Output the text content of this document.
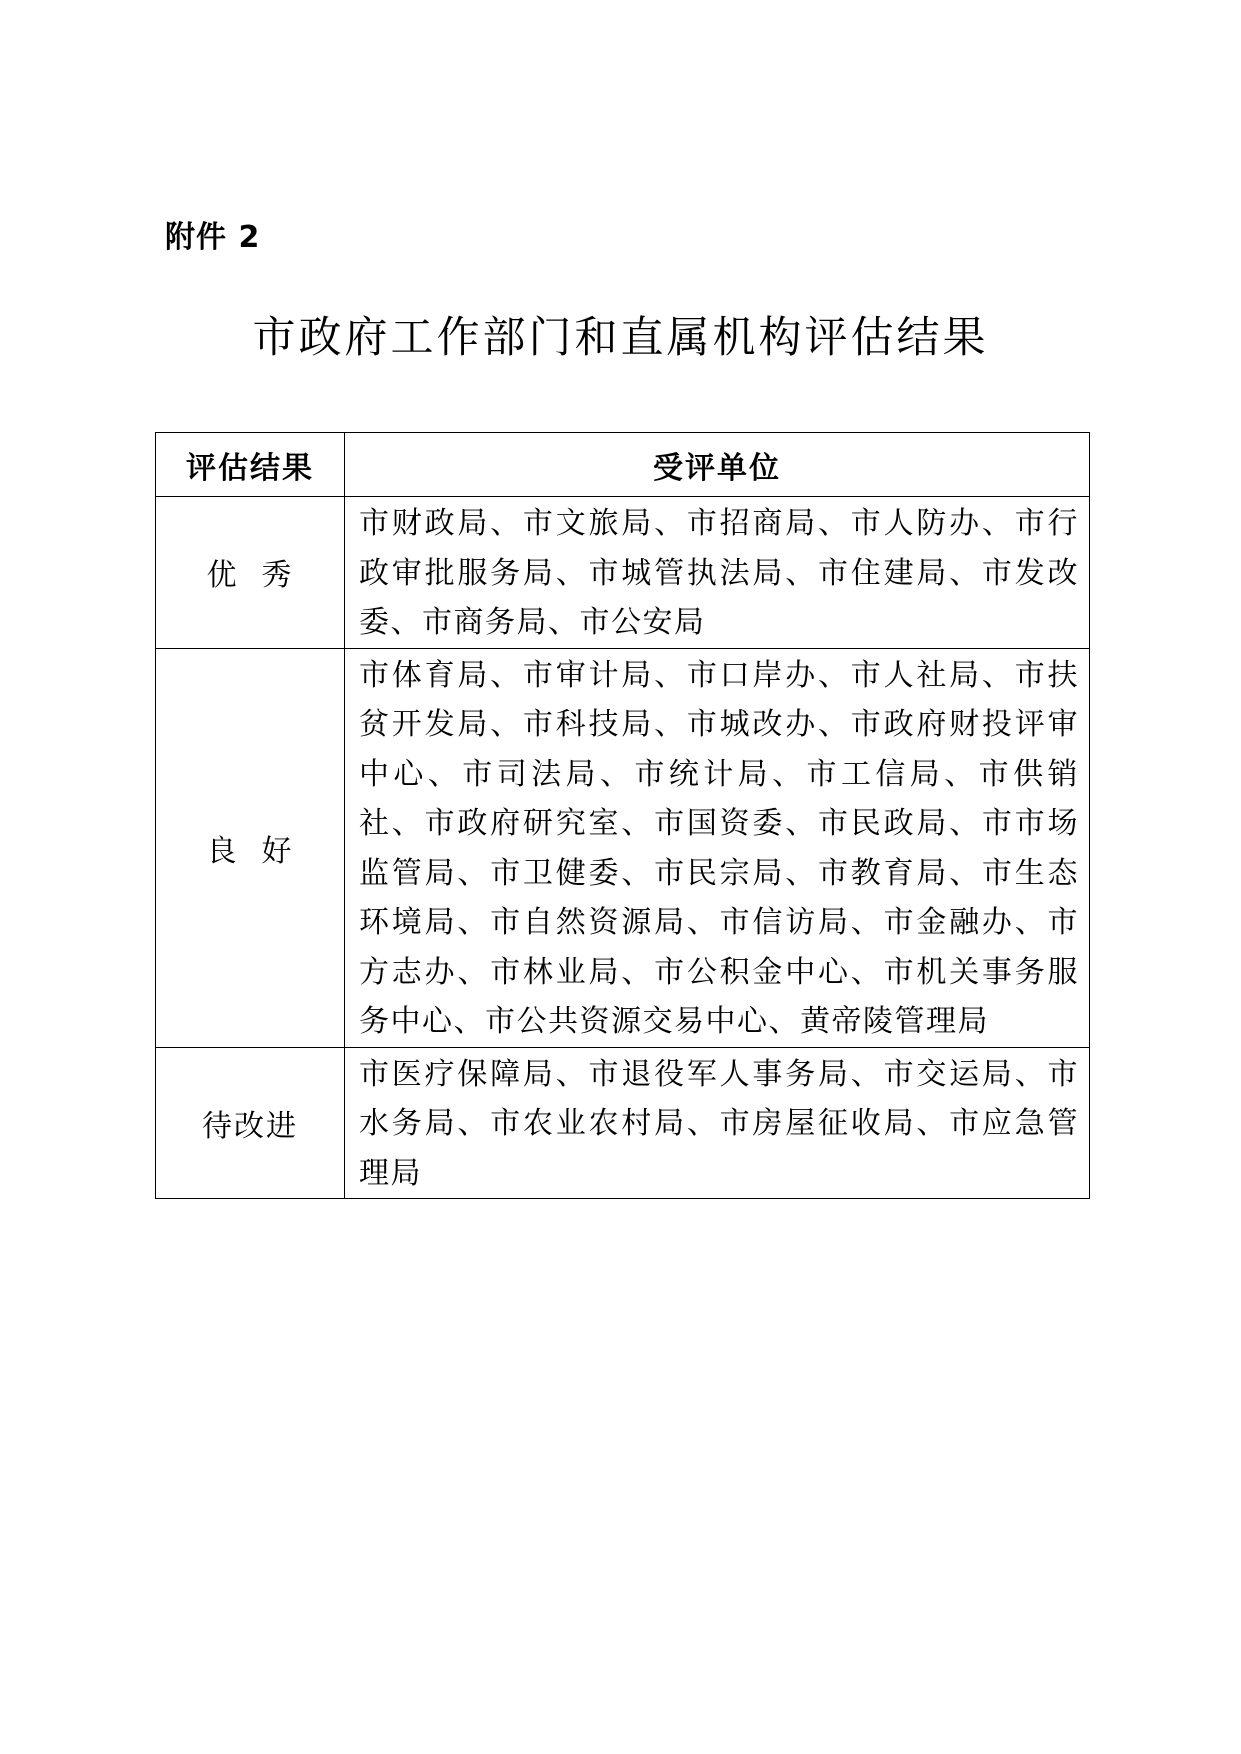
附件 2
市政府工作部门和直属机构评估结果
评估结果	受评单位
优  秀	市财政局、市文旅局、市招商局、市人防办、市行政审批服务局、市城管执法局、市住建局、市发改委、市商务局、市公安局
良  好	市体育局、市审计局、市口岸办、市人社局、市扶贫开发局、市科技局、市城改办、市政府财投评审中心、市司法局、市统计局、市工信局、市供销社、市政府研究室、市国资委、市民政局、市市场监管局、市卫健委、市民宗局、市教育局、市生态环境局、市自然资源局、市信访局、市金融办、市方志办、市林业局、市公积金中心、市机关事务服务中心、市公共资源交易中心、黄帝陵管理局
待改进	市医疗保障局、市退役军人事务局、市交运局、市水务局、市农业农村局、市房屋征收局、市应急管理局
